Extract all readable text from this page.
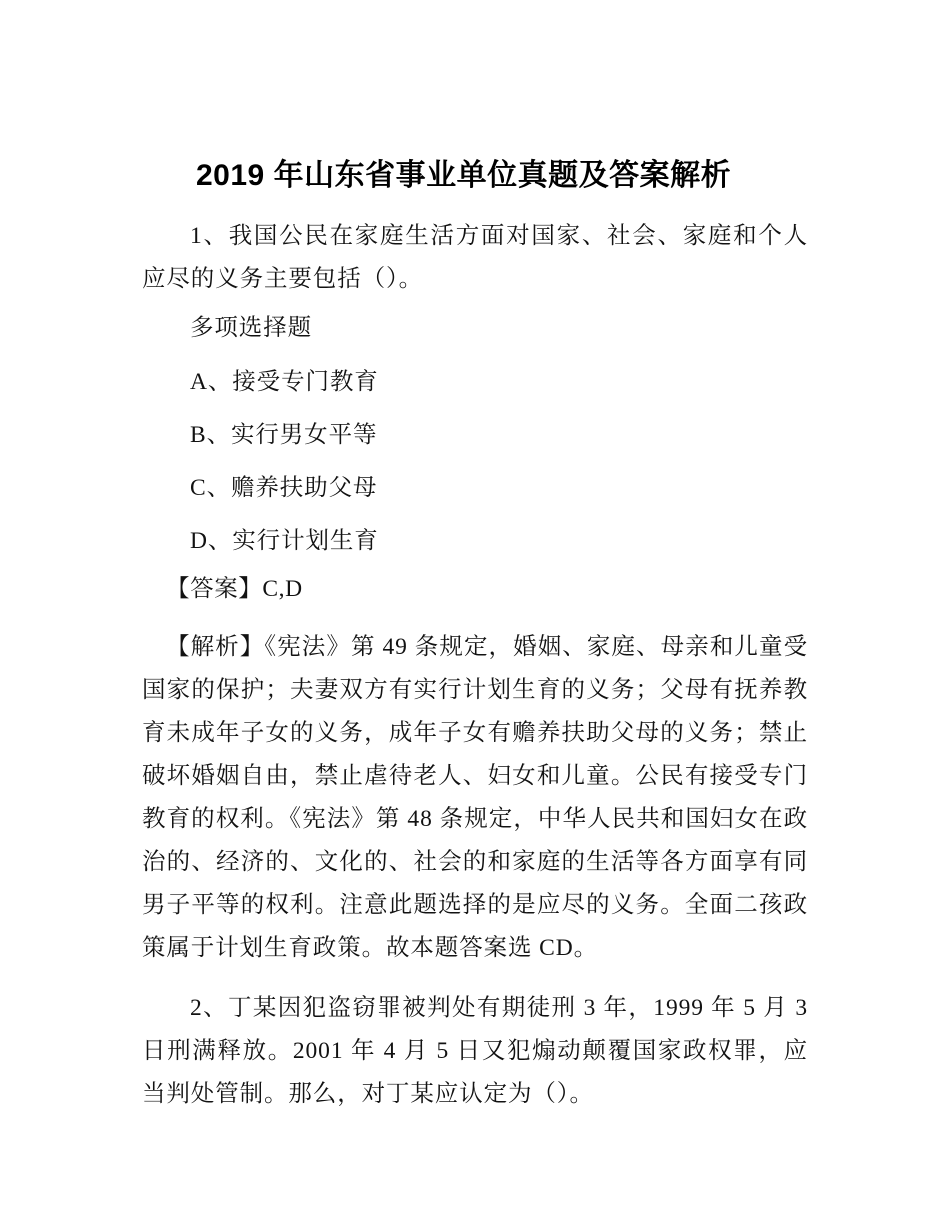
2019 年山东省事业单位真题及答案解析

1、我国公民在家庭生活方面对国家、社会、家庭和个人应尽的义务主要包括（）。

多项选择题

A、接受专门教育

B、实行男女平等

C、赡养扶助父母

D、实行计划生育

【答案】C,D

【解析】《宪法》第 49 条规定，婚姻、家庭、母亲和儿童受国家的保护；夫妻双方有实行计划生育的义务；父母有抚养教育未成年子女的义务，成年子女有赡养扶助父母的义务；禁止破坏婚姻自由，禁止虐待老人、妇女和儿童。公民有接受专门教育的权利。《宪法》第 48 条规定，中华人民共和国妇女在政治的、经济的、文化的、社会的和家庭的生活等各方面享有同男子平等的权利。注意此题选择的是应尽的义务。全面二孩政策属于计划生育政策。故本题答案选 CD。

2、丁某因犯盗窃罪被判处有期徒刑 3 年，1999 年 5 月 3 日刑满释放。2001 年 4 月 5 日又犯煽动颠覆国家政权罪，应当判处管制。那么，对丁某应认定为（）。
